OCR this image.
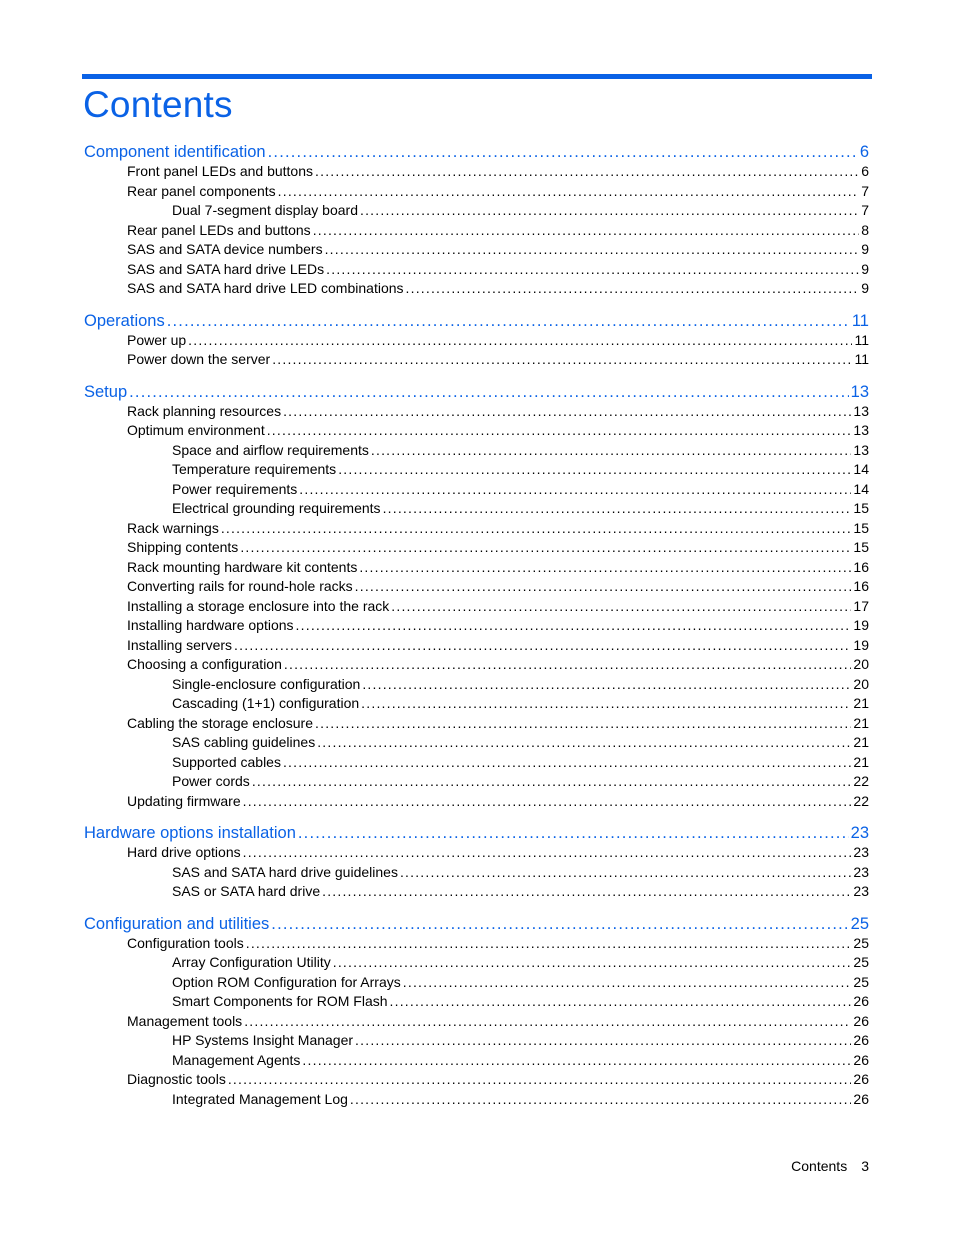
Contents
Component identification .....	6
Front panel LEDs and buttons .....	6
Rear panel components .....	7
Dual 7-segment display board .....	7
Rear panel LEDs and buttons .....	8
SAS and SATA device numbers .....	9
SAS and SATA hard drive LEDs .....	9
SAS and SATA hard drive LED combinations .....	9
Operations .....	11
Power up .....	11
Power down the server .....	11
Setup .....	13
Rack planning resources .....	13
Optimum environment .....	13
Space and airflow requirements .....	13
Temperature requirements .....	14
Power requirements .....	14
Electrical grounding requirements .....	15
Rack warnings .....	15
Shipping contents .....	15
Rack mounting hardware kit contents .....	16
Converting rails for round-hole racks .....	16
Installing a storage enclosure into the rack .....	17
Installing hardware options .....	19
Installing servers .....	19
Choosing a configuration .....	20
Single-enclosure configuration .....	20
Cascading (1+1) configuration .....	21
Cabling the storage enclosure .....	21
SAS cabling guidelines .....	21
Supported cables .....	21
Power cords .....	22
Updating firmware .....	22
Hardware options installation .....	23
Hard drive options .....	23
SAS and SATA hard drive guidelines .....	23
SAS or SATA hard drive .....	23
Configuration and utilities .....	25
Configuration tools .....	25
Array Configuration Utility .....	25
Option ROM Configuration for Arrays .....	25
Smart Components for ROM Flash .....	26
Management tools .....	26
HP Systems Insight Manager .....	26
Management Agents .....	26
Diagnostic tools .....	26
Integrated Management Log .....	26
Contents 3
